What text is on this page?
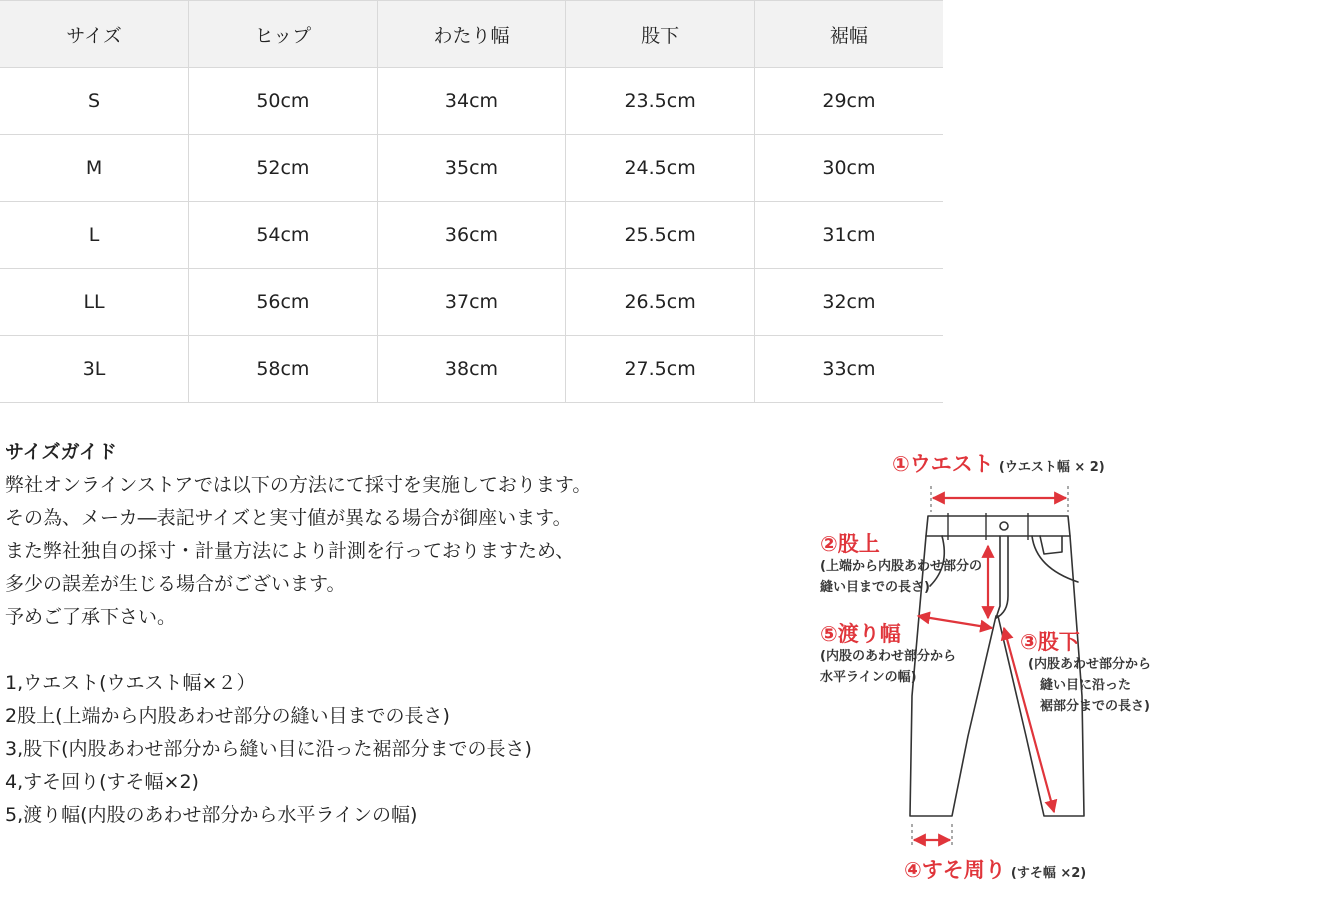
サイズ	ヒップ	わたり幅	股下	裾幅
S	50cm	34cm	23.5cm	29cm
M	52cm	35cm	24.5cm	30cm
L	54cm	36cm	25.5cm	31cm
LL	56cm	37cm	26.5cm	32cm
3L	58cm	38cm	27.5cm	33cm
サイズガイド
弊社オンラインストアでは以下の方法にて採寸を実施しております。
その為、メーカ―表記サイズと実寸値が異なる場合が御座います。
また弊社独自の採寸・計量方法により計測を行っておりますため、
多少の誤差が生じる場合がございます。
予めご了承下さい。
1,ウエスト(ウエスト幅×２）
2股上(上端から内股あわせ部分の縫い目までの長さ)
3,股下(内股あわせ部分から縫い目に沿った裾部分までの長さ)
4,すそ回り(すそ幅×2)
5,渡り幅(内股のあわせ部分から水平ラインの幅)
①ウエスト (ウエスト幅 × 2)
②股上
(上端から内股あわせ部分の
縫い目までの長さ)
⑤渡り幅
(内股のあわせ部分から
水平ラインの幅)
③股下
(内股あわせ部分から
縫い目に沿った
裾部分までの長さ)
④すそ周り (すそ幅 ×2)
